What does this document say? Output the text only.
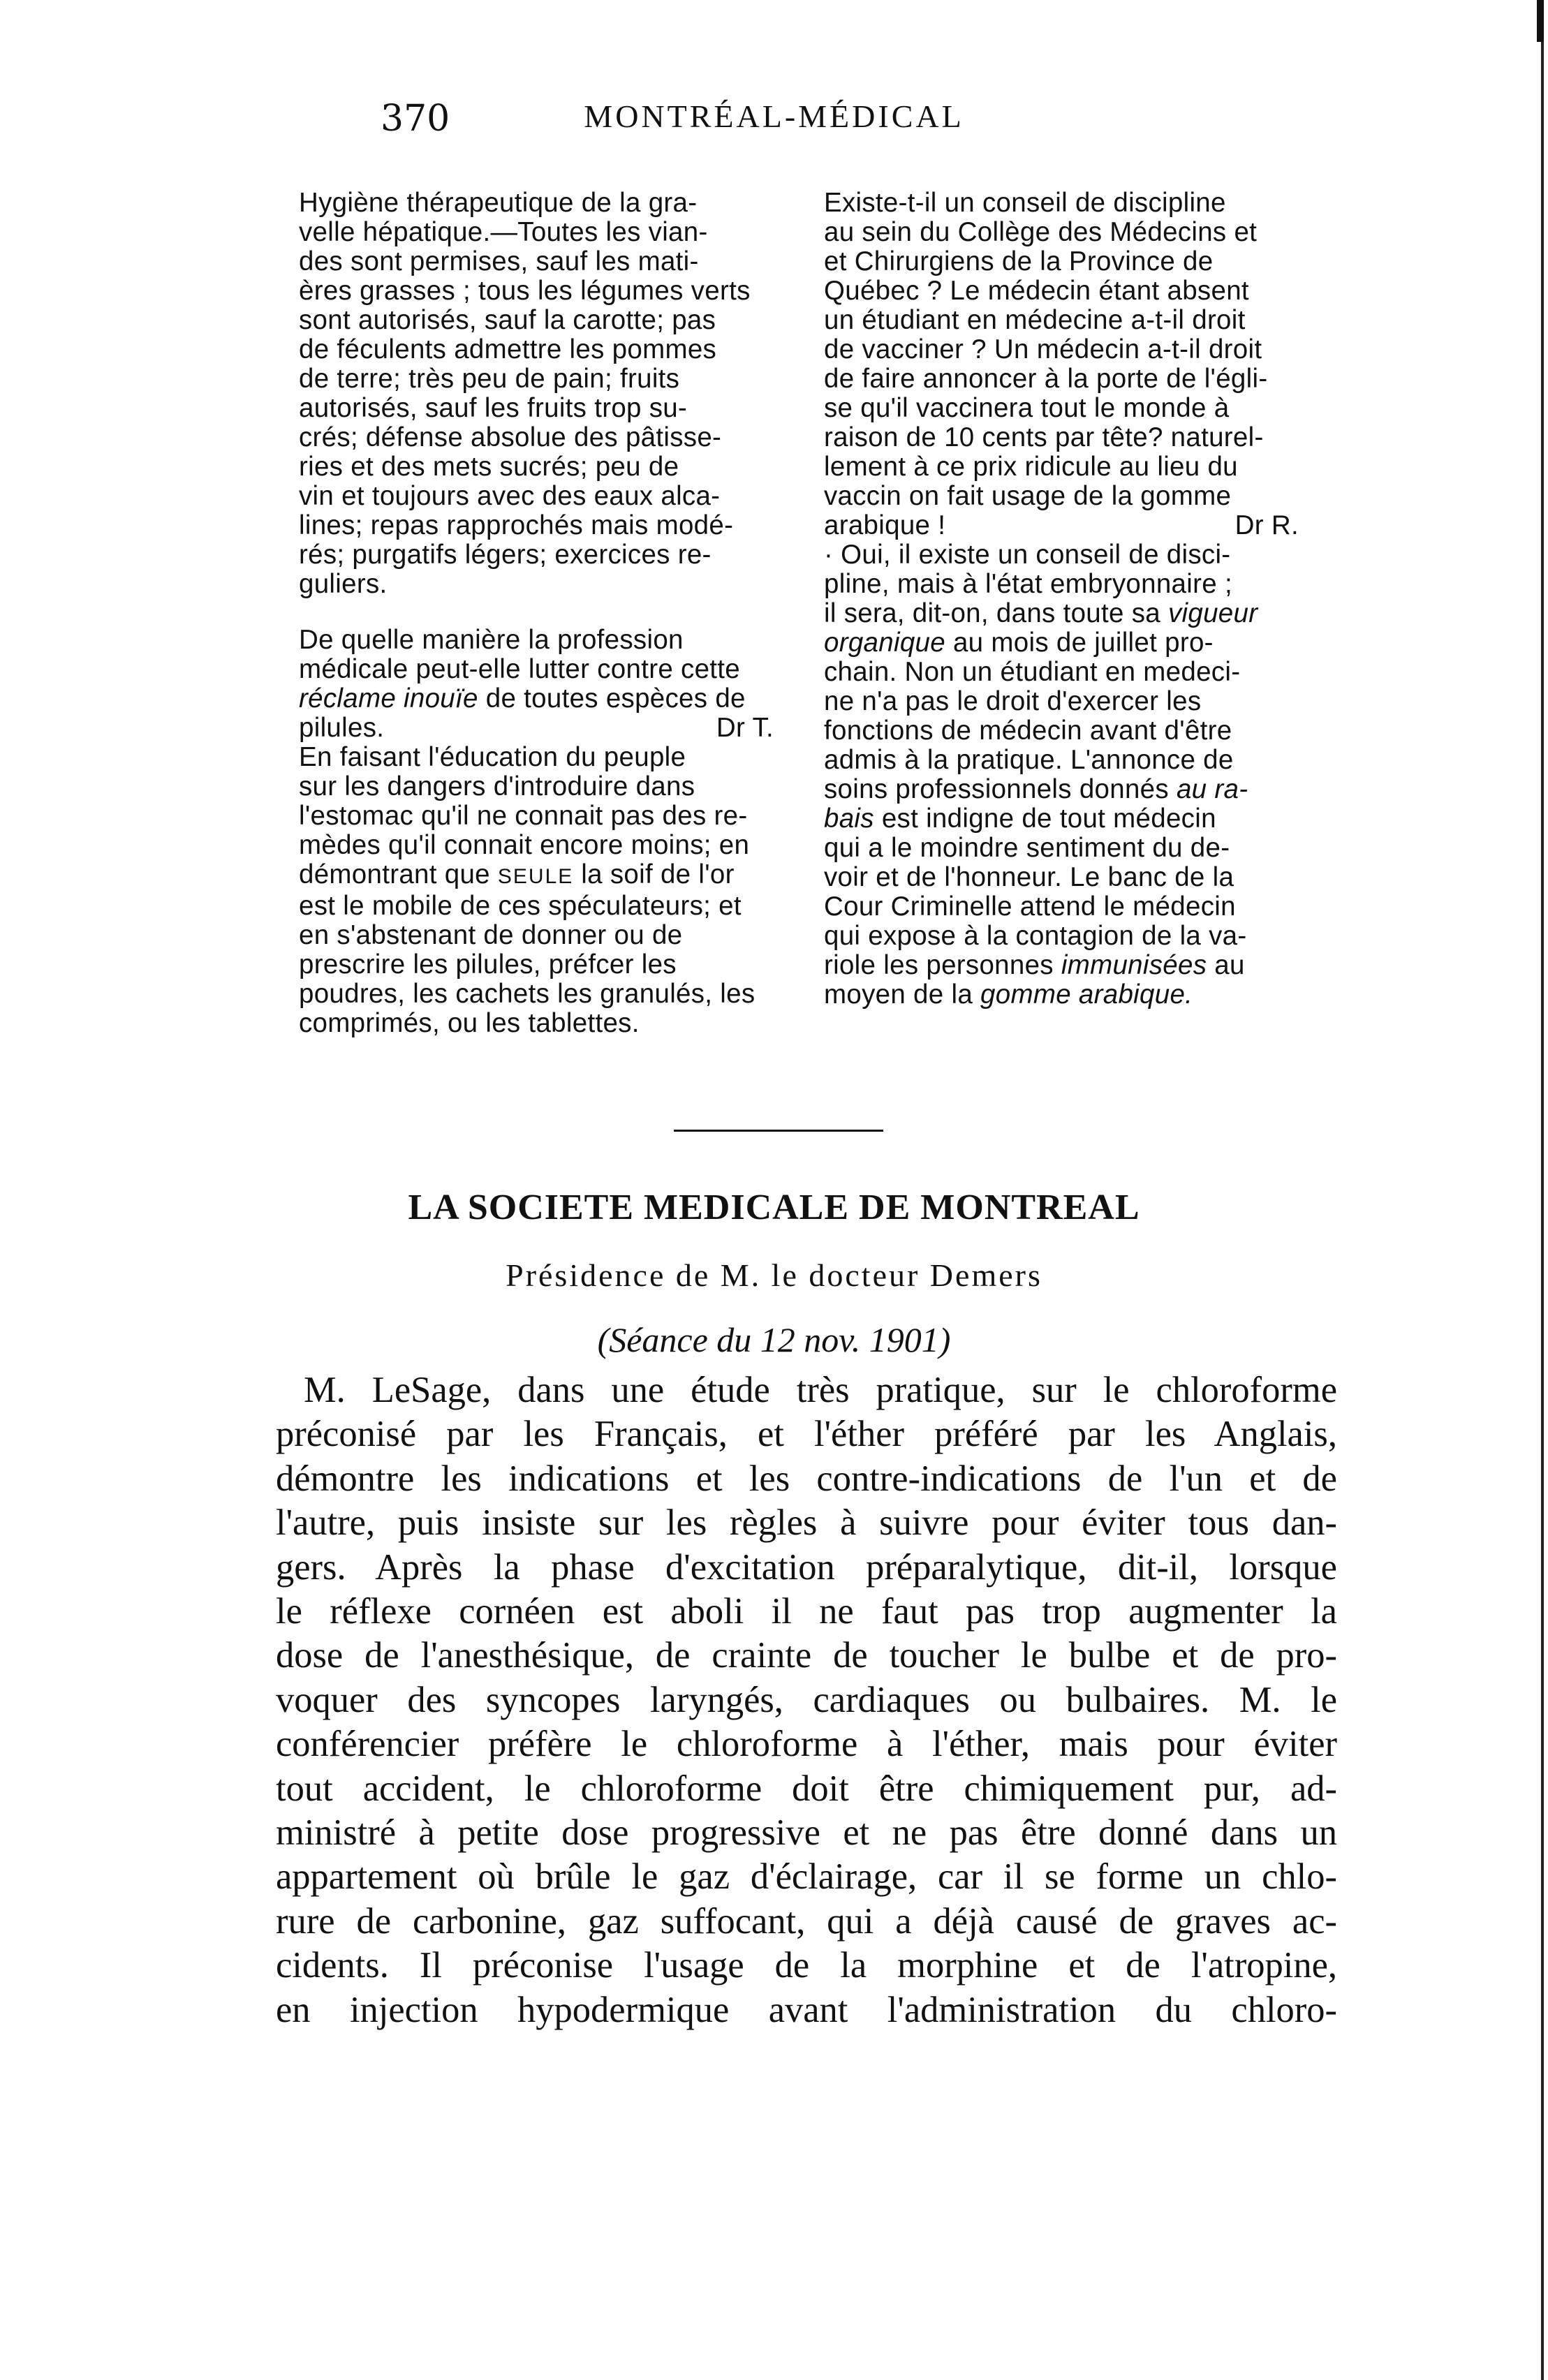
370	MONTRÉAL-MÉDICAL

Hygiène thérapeutique de la gra-
velle hépatique.—Toutes les vian-
des sont permises, sauf les mati-
ères grasses ; tous les légumes verts
sont autorisés, sauf la carotte; pas
de féculents admettre les pommes
de terre; très peu de pain; fruits
autorisés, sauf les fruits trop su-
crés; défense absolue des pâtisse-
ries et des mets sucrés; peu de
vin et toujours avec des eaux alca-
lines; repas rapprochés mais modé-
rés; purgatifs légers; exercices re-
guliers.

De quelle manière la profession
médicale peut-elle lutter contre cette
réclame inouïe de toutes espèces de
pilules.	Dr T.

En faisant l'éducation du peuple
sur les dangers d'introduire dans
l'estomac qu'il ne connait pas des re-
mèdes qu'il connait encore moins; en
démontrant que SEULE la soif de l'or
est le mobile de ces spéculateurs; et
en s'abstenant de donner ou de
prescrire les pilules, préfcer les
poudres, les cachets les granulés, les
comprimés, ou les tablettes.

Existe-t-il un conseil de discipline
au sein du Collège des Médecins et
et Chirurgiens de la Province de
Québec ? Le médecin étant absent
un étudiant en médecine a-t-il droit
de vacciner ? Un médecin a-t-il droit
de faire annoncer à la porte de l'égli-
se qu'il vaccinera tout le monde à
raison de 10 cents par tête? naturel-
lement à ce prix ridicule au lieu du
vaccin on fait usage de la gomme
arabique !	Dr R.

· Oui, il existe un conseil de disci-
pline, mais à l'état embryonnaire ;
il sera, dit-on, dans toute sa vigueur
organique au mois de juillet pro-
chain. Non un étudiant en medeci-
ne n'a pas le droit d'exercer les
fonctions de médecin avant d'être
admis à la pratique. L'annonce de
soins professionnels donnés au ra-
bais est indigne de tout médecin
qui a le moindre sentiment du de-
voir et de l'honneur. Le banc de la
Cour Criminelle attend le médecin
qui expose à la contagion de la va-
riole les personnes immunisées au
moyen de la gomme arabique.

LA SOCIETE MEDICALE DE MONTREAL
Présidence de M. le docteur Demers
(Séance du 12 nov. 1901)
M. LeSage, dans une étude très pratique, sur le chloroforme
préconisé par les Français, et l'éther préféré par les Anglais,
démontre les indications et les contre-indications de l'un et de
l'autre, puis insiste sur les règles à suivre pour éviter tous dan-
gers. Après la phase d'excitation préparalytique, dit-il, lorsque
le réflexe cornéen est aboli il ne faut pas trop augmenter la
dose de l'anesthésique, de crainte de toucher le bulbe et de pro-
voquer des syncopes laryngés, cardiaques ou bulbaires. M. le
conférencier préfère le chloroforme à l'éther, mais pour éviter
tout accident, le chloroforme doit être chimiquement pur, ad-
ministré à petite dose progressive et ne pas être donné dans un
appartement où brûle le gaz d'éclairage, car il se forme un chlo-
rure de carbonine, gaz suffocant, qui a déjà causé de graves ac-
cidents. Il préconise l'usage de la morphine et de l'atropine,
en injection hypodermique avant l'administration du chloro-
